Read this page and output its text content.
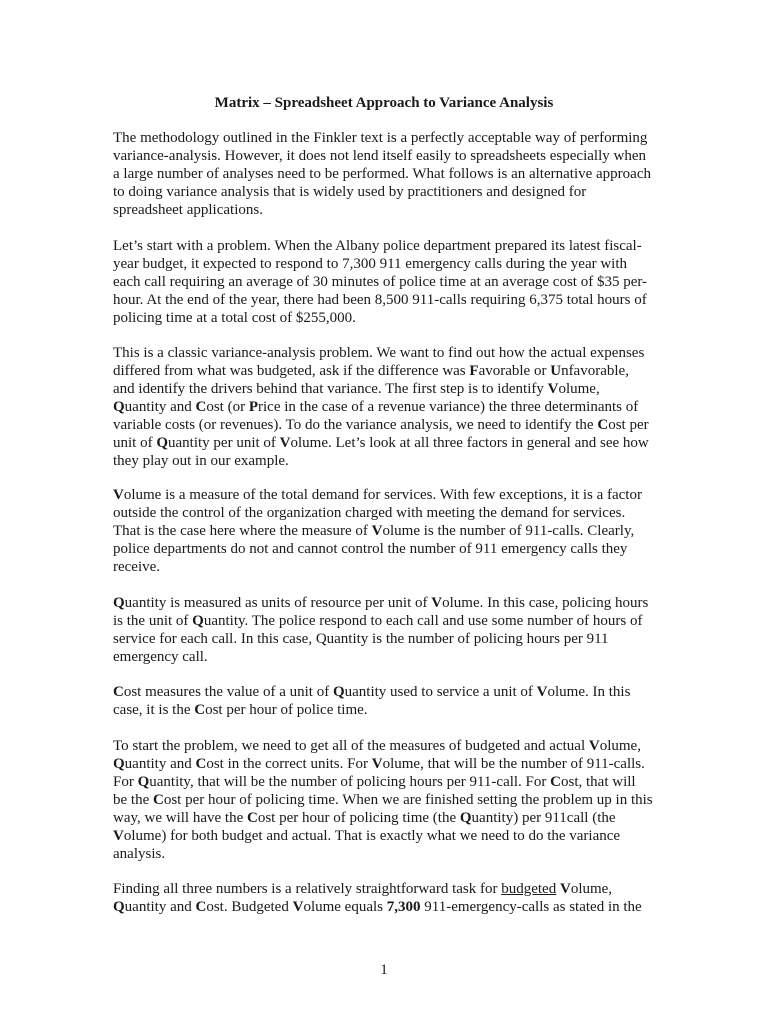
Matrix – Spreadsheet Approach to Variance Analysis

The methodology outlined in the Finkler text is a perfectly acceptable way of performing
variance-analysis. However, it does not lend itself easily to spreadsheets especially when
a large number of analyses need to be performed. What follows is an alternative approach
to doing variance analysis that is widely used by practitioners and designed for
spreadsheet applications.

Let’s start with a problem. When the Albany police department prepared its latest fiscal-
year budget, it expected to respond to 7,300 911 emergency calls during the year with
each call requiring an average of 30 minutes of police time at an average cost of $35 per-
hour. At the end of the year, there had been 8,500 911-calls requiring 6,375 total hours of
policing time at a total cost of $255,000.

This is a classic variance-analysis problem. We want to find out how the actual expenses
differed from what was budgeted, ask if the difference was Favorable or Unfavorable,
and identify the drivers behind that variance. The first step is to identify Volume,
Quantity and Cost (or Price in the case of a revenue variance) the three determinants of
variable costs (or revenues). To do the variance analysis, we need to identify the Cost per
unit of Quantity per unit of Volume. Let’s look at all three factors in general and see how
they play out in our example.

Volume is a measure of the total demand for services. With few exceptions, it is a factor
outside the control of the organization charged with meeting the demand for services.
That is the case here where the measure of Volume is the number of 911-calls. Clearly,
police departments do not and cannot control the number of 911 emergency calls they
receive.

Quantity is measured as units of resource per unit of Volume. In this case, policing hours
is the unit of Quantity. The police respond to each call and use some number of hours of
service for each call. In this case, Quantity is the number of policing hours per 911
emergency call.

Cost measures the value of a unit of Quantity used to service a unit of Volume. In this
case, it is the Cost per hour of police time.

To start the problem, we need to get all of the measures of budgeted and actual Volume,
Quantity and Cost in the correct units. For Volume, that will be the number of 911-calls.
For Quantity, that will be the number of policing hours per 911-call. For Cost, that will
be the Cost per hour of policing time. When we are finished setting the problem up in this
way, we will have the Cost per hour of policing time (the Quantity) per 911call (the
Volume) for both budget and actual. That is exactly what we need to do the variance
analysis.

Finding all three numbers is a relatively straightforward task for budgeted Volume,
Quantity and Cost. Budgeted Volume equals 7,300 911-emergency-calls as stated in the

1
